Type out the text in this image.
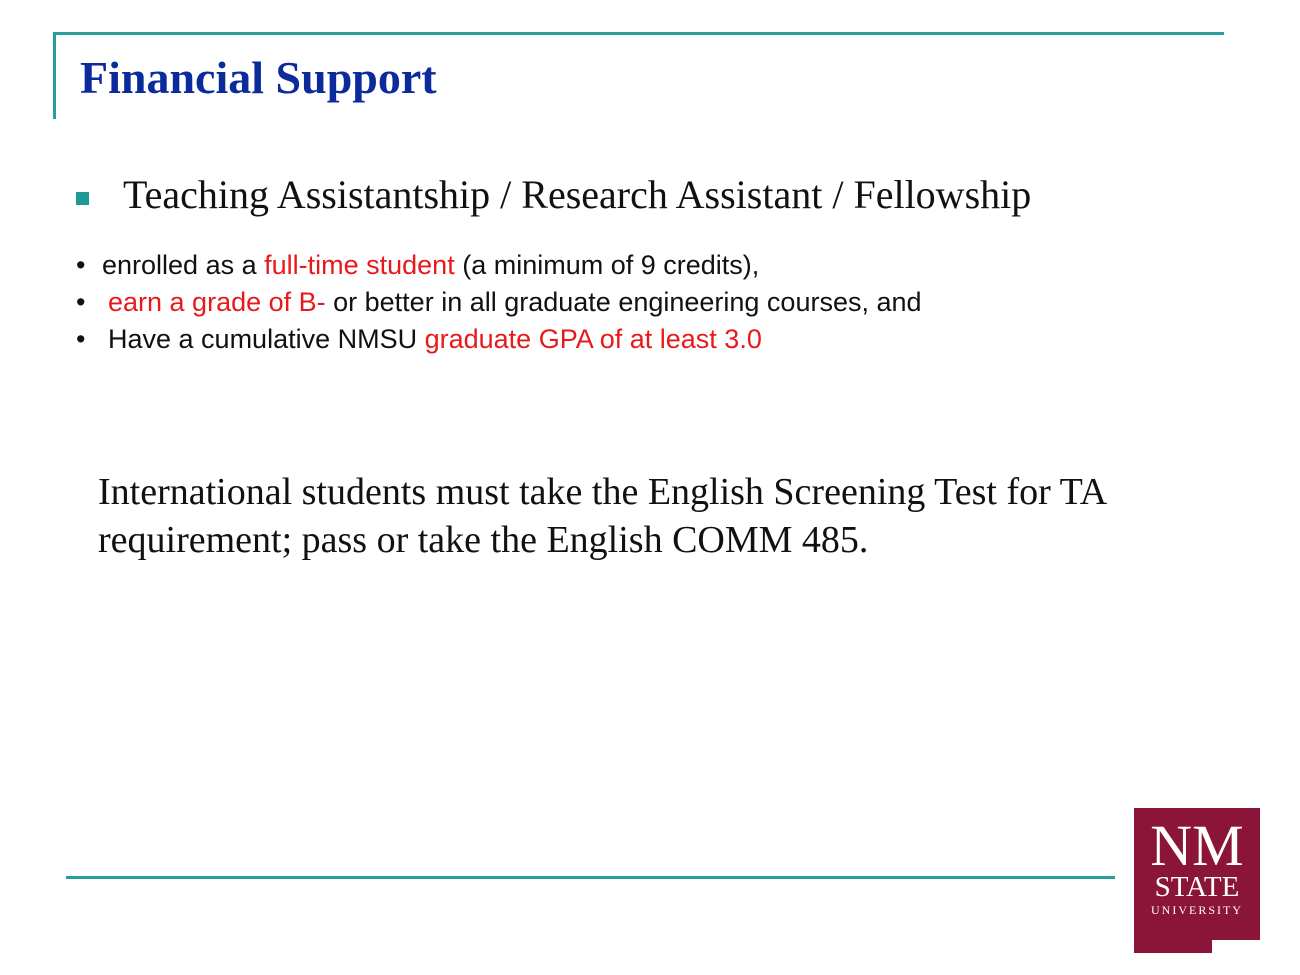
Financial Support
Teaching Assistantship / Research Assistant / Fellowship
• enrolled as a full-time student (a minimum of 9 credits),
• earn a grade of B- or better in all graduate engineering courses, and
• Have a cumulative NMSU graduate GPA of at least 3.0
International students must take the English Screening Test for TA
requirement; pass or take the English COMM 485.
NM
STATE
UNIVERSITY
